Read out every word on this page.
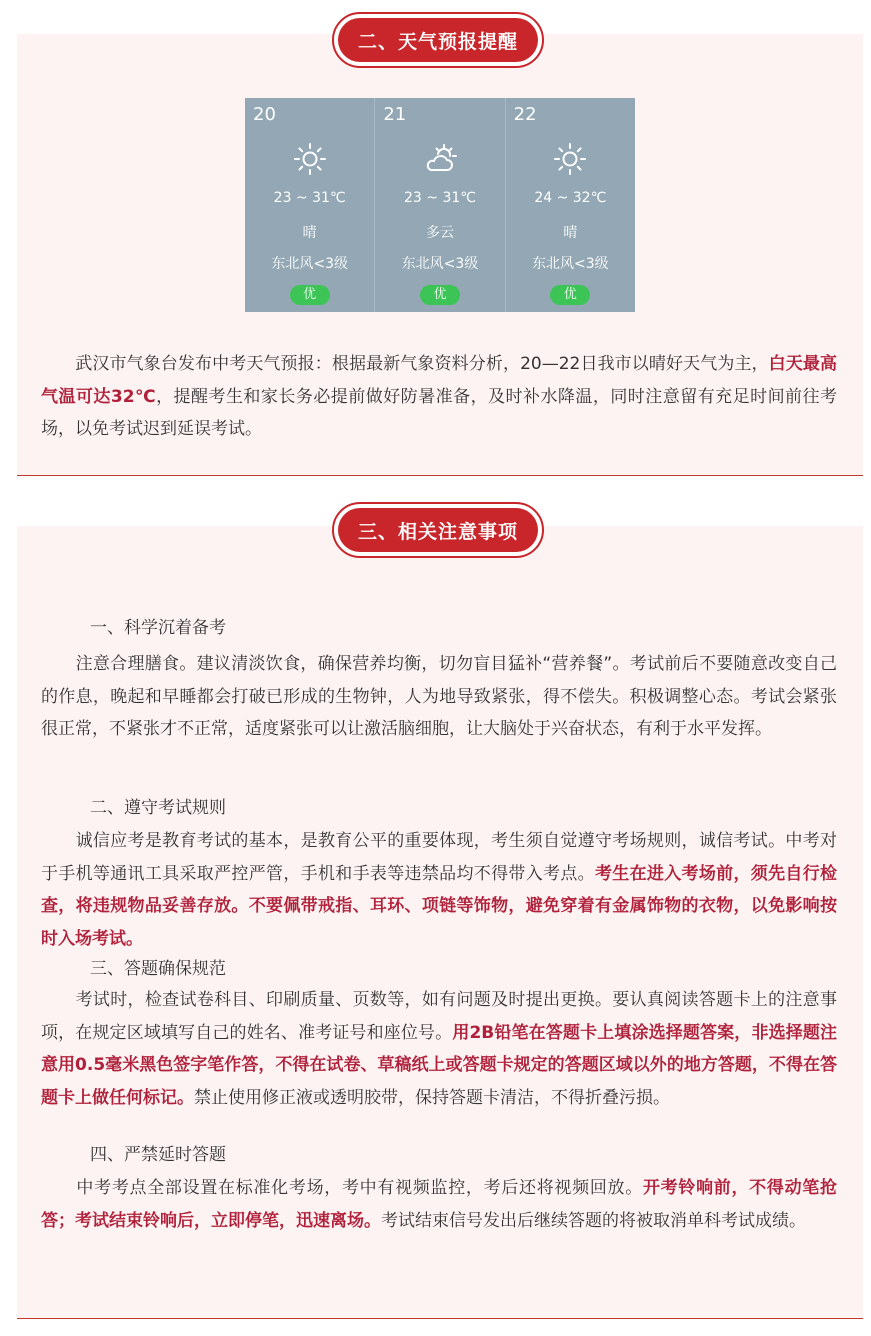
二、天气预报提醒
20
23 ~ 31℃
晴
东北风<3级
优
21
23 ~ 31℃
多云
东北风<3级
优
22
24 ~ 32℃
晴
东北风<3级
优

　　武汉市气象台发布中考天气预报：根据最新气象资料分析，20—22日我市以晴好天气为主，白天最高气温可达32℃，提醒考生和家长务必提前做好防暑准备，及时补水降温，同时注意留有充足时间前往考场，以免考试迟到延误考试。

三、相关注意事项

一、科学沉着备考

　　注意合理膳食。建议清淡饮食，确保营养均衡，切勿盲目猛补“营养餐”。考试前后不要随意改变自己的作息，晚起和早睡都会打破已形成的生物钟，人为地导致紧张，得不偿失。积极调整心态。考试会紧张很正常，不紧张才不正常，适度紧张可以让激活脑细胞，让大脑处于兴奋状态，有利于水平发挥。

二、遵守考试规则

　　诚信应考是教育考试的基本，是教育公平的重要体现，考生须自觉遵守考场规则，诚信考试。中考对于手机等通讯工具采取严控严管，手机和手表等违禁品均不得带入考点。考生在进入考场前，须先自行检查，将违规物品妥善存放。不要佩带戒指、耳环、项链等饰物，避免穿着有金属饰物的衣物，以免影响按时入场考试。

三、答题确保规范

　　考试时，检查试卷科目、印刷质量、页数等，如有问题及时提出更换。要认真阅读答题卡上的注意事项，在规定区域填写自己的姓名、准考证号和座位号。用2B铅笔在答题卡上填涂选择题答案，非选择题注意用0.5毫米黑色签字笔作答，不得在试卷、草稿纸上或答题卡规定的答题区域以外的地方答题，不得在答题卡上做任何标记。禁止使用修正液或透明胶带，保持答题卡清洁，不得折叠污损。

四、严禁延时答题

　　中考考点全部设置在标准化考场，考中有视频监控，考后还将视频回放。开考铃响前，不得动笔抢答；考试结束铃响后，立即停笔，迅速离场。考试结束信号发出后继续答题的将被取消单科考试成绩。
